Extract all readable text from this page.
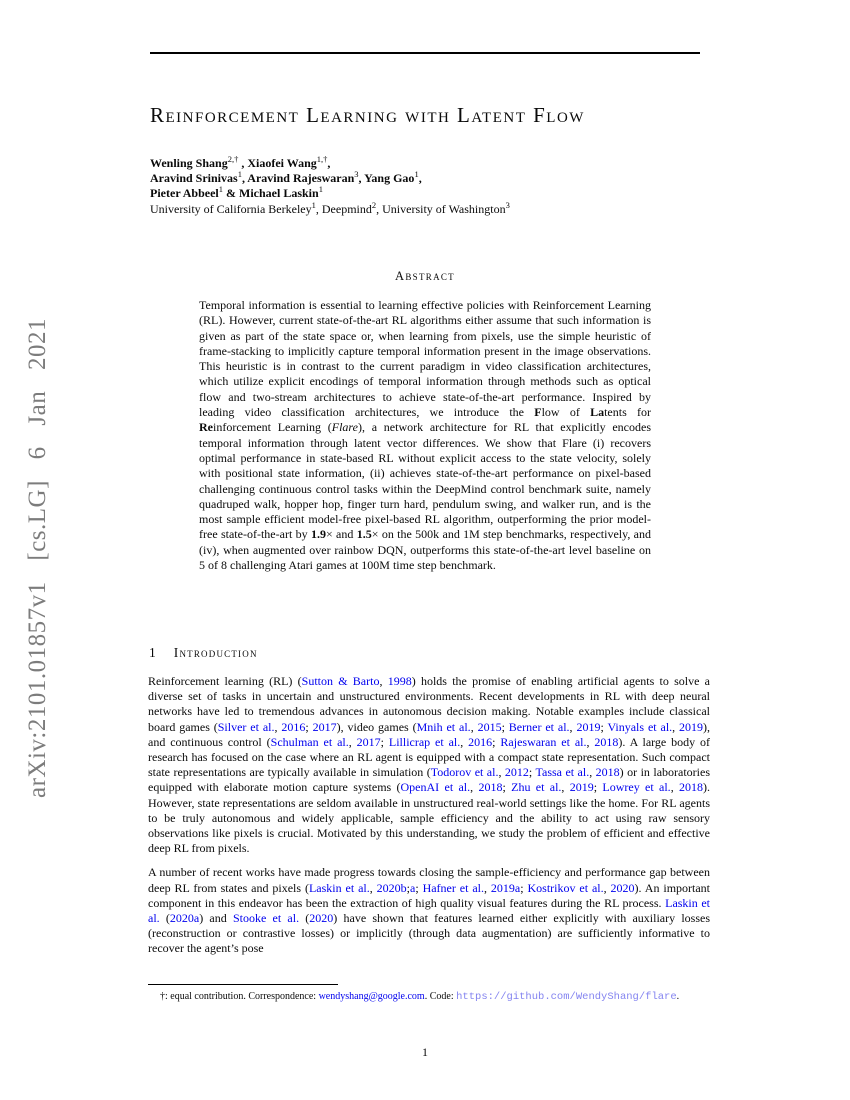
arXiv:2101.01857v1 [cs.LG] 6 Jan 2021
Reinforcement Learning with Latent Flow
Wenling Shang$^{2,\dagger}$ , Xiaofei Wang$^{1,\dagger}$,
Aravind Srinivas$^1$, Aravind Rajeswaran$^3$, Yang Gao$^1$,
Pieter Abbeel$^1$ & Michael Laskin$^1$
University of California Berkeley$^1$, Deepmind$^2$, University of Washington$^3$
Abstract
Temporal information is essential to learning effective policies with Reinforcement Learning (RL). However, current state-of-the-art RL algorithms either assume that such information is given as part of the state space or, when learning from pixels, use the simple heuristic of frame-stacking to implicitly capture temporal information present in the image observations. This heuristic is in contrast to the current paradigm in video classification architectures, which utilize explicit encodings of temporal information through methods such as optical flow and two-stream architectures to achieve state-of-the-art performance. Inspired by leading video classification architectures, we introduce the Flow of Latents for Reinforcement Learning (Flare), a network architecture for RL that explicitly encodes temporal information through latent vector differences. We show that Flare (i) recovers optimal performance in state-based RL without explicit access to the state velocity, solely with positional state information, (ii) achieves state-of-the-art performance on pixel-based challenging continuous control tasks within the DeepMind control benchmark suite, namely quadruped walk, hopper hop, finger turn hard, pendulum swing, and walker run, and is the most sample efficient model-free pixel-based RL algorithm, outperforming the prior model-free state-of-the-art by 1.9× and 1.5× on the 500k and 1M step benchmarks, respectively, and (iv), when augmented over rainbow DQN, outperforms this state-of-the-art level baseline on 5 of 8 challenging Atari games at 100M time step benchmark.
1 Introduction

Reinforcement learning (RL) (Sutton & Barto, 1998) holds the promise of enabling artificial agents to solve a diverse set of tasks in uncertain and unstructured environments. Recent developments in RL with deep neural networks have led to tremendous advances in autonomous decision making. Notable examples include classical board games (Silver et al., 2016; 2017), video games (Mnih et al., 2015; Berner et al., 2019; Vinyals et al., 2019), and continuous control (Schulman et al., 2017; Lillicrap et al., 2016; Rajeswaran et al., 2018). A large body of research has focused on the case where an RL agent is equipped with a compact state representation. Such compact state representations are typically available in simulation (Todorov et al., 2012; Tassa et al., 2018) or in laboratories equipped with elaborate motion capture systems (OpenAI et al., 2018; Zhu et al., 2019; Lowrey et al., 2018). However, state representations are seldom available in unstructured real-world settings like the home. For RL agents to be truly autonomous and widely applicable, sample efficiency and the ability to act using raw sensory observations like pixels is crucial. Motivated by this understanding, we study the problem of efficient and effective deep RL from pixels.

A number of recent works have made progress towards closing the sample-efficiency and performance gap between deep RL from states and pixels (Laskin et al., 2020b;a; Hafner et al., 2019a; Kostrikov et al., 2020). An important component in this endeavor has been the extraction of high quality visual features during the RL process. Laskin et al. (2020a) and Stooke et al. (2020) have shown that features learned either explicitly with auxiliary losses (reconstruction or contrastive losses) or implicitly (through data augmentation) are sufficiently informative to recover the agent’s pose

†: equal contribution. Correspondence: wendyshang@google.com. Code: https://github.com/WendyShang/flare.
1
